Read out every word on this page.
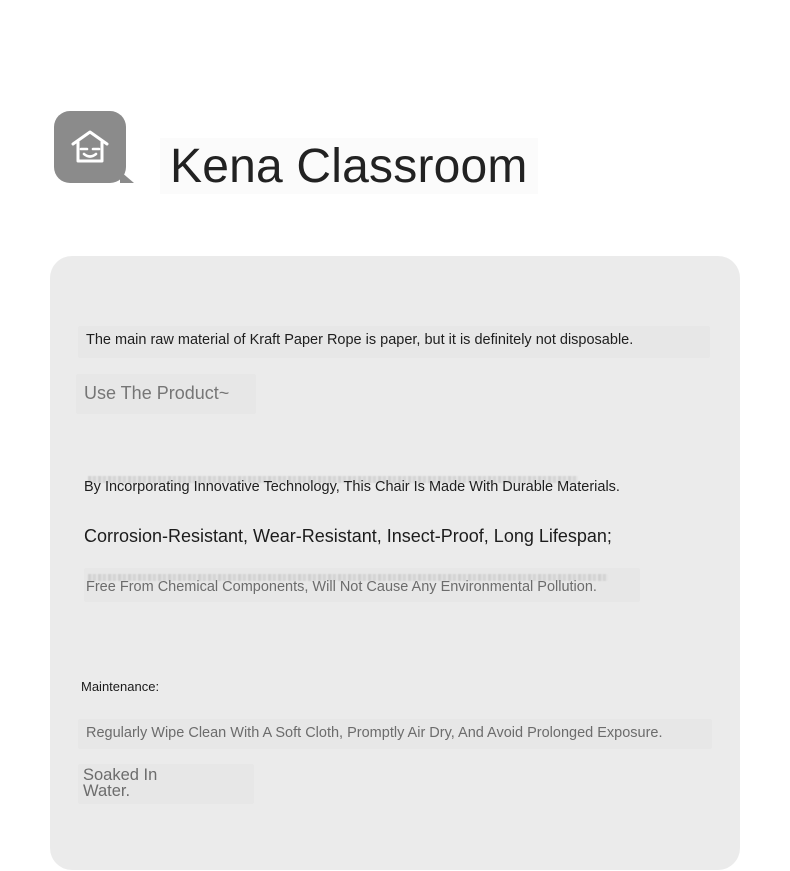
Kena Classroom
The main raw material of Kraft Paper Rope is paper, but it is definitely not disposable.
Use The Product~
By Incorporating Innovative Technology, This Chair Is Made With Durable Materials.
Corrosion-Resistant, Wear-Resistant, Insect-Proof, Long Lifespan;
Free From Chemical Components, Will Not Cause Any Environmental Pollution.
Maintenance:
Regularly Wipe Clean With A Soft Cloth, Promptly Air Dry, And Avoid Prolonged Exposure.
Soaked In Water.
